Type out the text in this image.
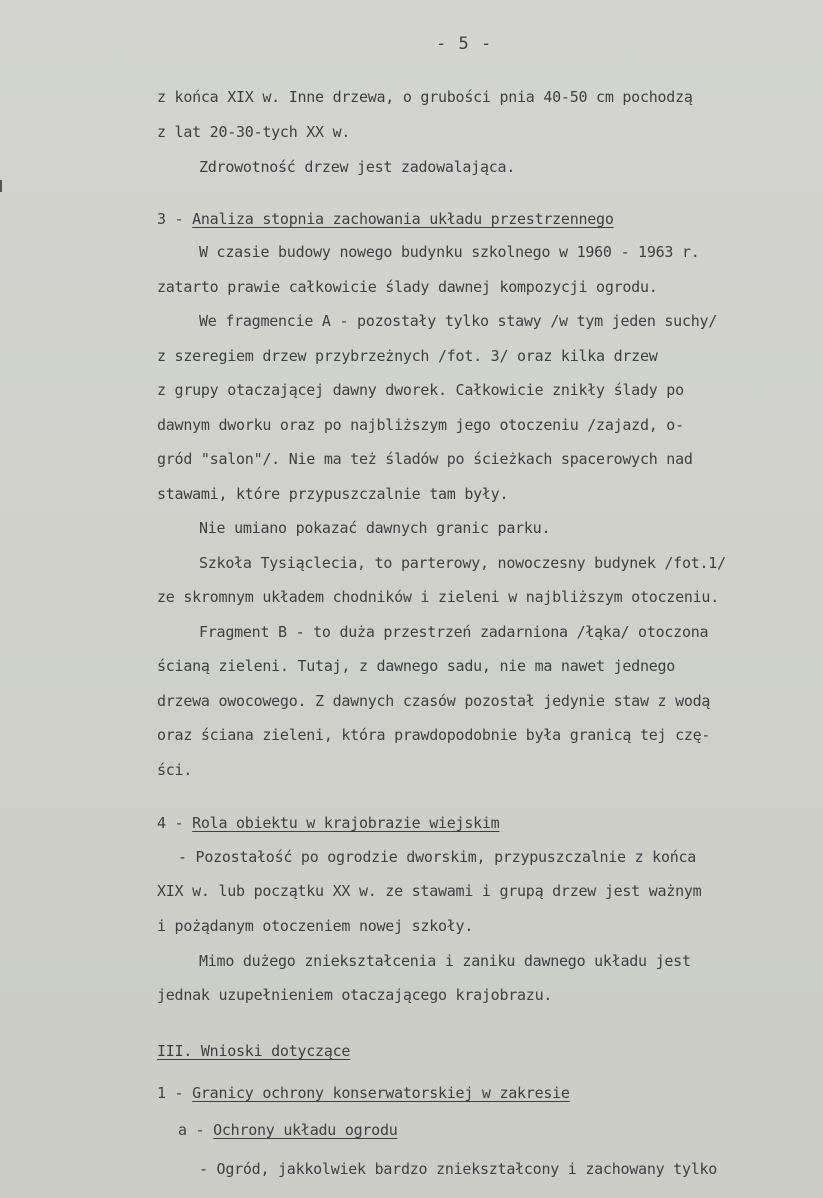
- 5 -
z końca XIX w. Inne drzewa, o grubości pnia 40-50 cm pochodzą
z lat 20-30-tych XX w.
Zdrowotność drzew jest zadowalająca.
3 - Analiza stopnia zachowania układu przestrzennego
W czasie budowy nowego budynku szkolnego w 1960 - 1963 r.
zatarto prawie całkowicie ślady dawnej kompozycji ogrodu.
We fragmencie A - pozostały tylko stawy /w tym jeden suchy/
z szeregiem drzew przybrzeżnych /fot. 3/ oraz kilka drzew
z grupy otaczającej dawny dworek. Całkowicie znikły ślady po
dawnym dworku oraz po najbliższym jego otoczeniu /zajazd, o-
gród "salon"/. Nie ma też śladów po ścieżkach spacerowych nad
stawami, które przypuszczalnie tam były.
Nie umiano pokazać dawnych granic parku.
Szkoła Tysiąclecia, to parterowy, nowoczesny budynek /fot.1/
ze skromnym układem chodników i zieleni w najbliższym otoczeniu.
Fragment B - to duża przestrzeń zadarniona /łąka/ otoczona
ścianą zieleni. Tutaj, z dawnego sadu, nie ma nawet jednego
drzewa owocowego. Z dawnych czasów pozostał jedynie staw z wodą
oraz ściana zieleni, która prawdopodobnie była granicą tej czę-
ści.
4 - Rola obiektu w krajobrazie wiejskim
- Pozostałość po ogrodzie dworskim, przypuszczalnie z końca
XIX w. lub początku XX w. ze stawami i grupą drzew jest ważnym
i pożądanym otoczeniem nowej szkoły.
Mimo dużego zniekształcenia i zaniku dawnego układu jest
jednak uzupełnieniem otaczającego krajobrazu.
III. Wnioski dotyczące
1 - Granicy ochrony konserwatorskiej w zakresie
a - Ochrony układu ogrodu
- Ogród, jakkolwiek bardzo zniekształcony i zachowany tylko
